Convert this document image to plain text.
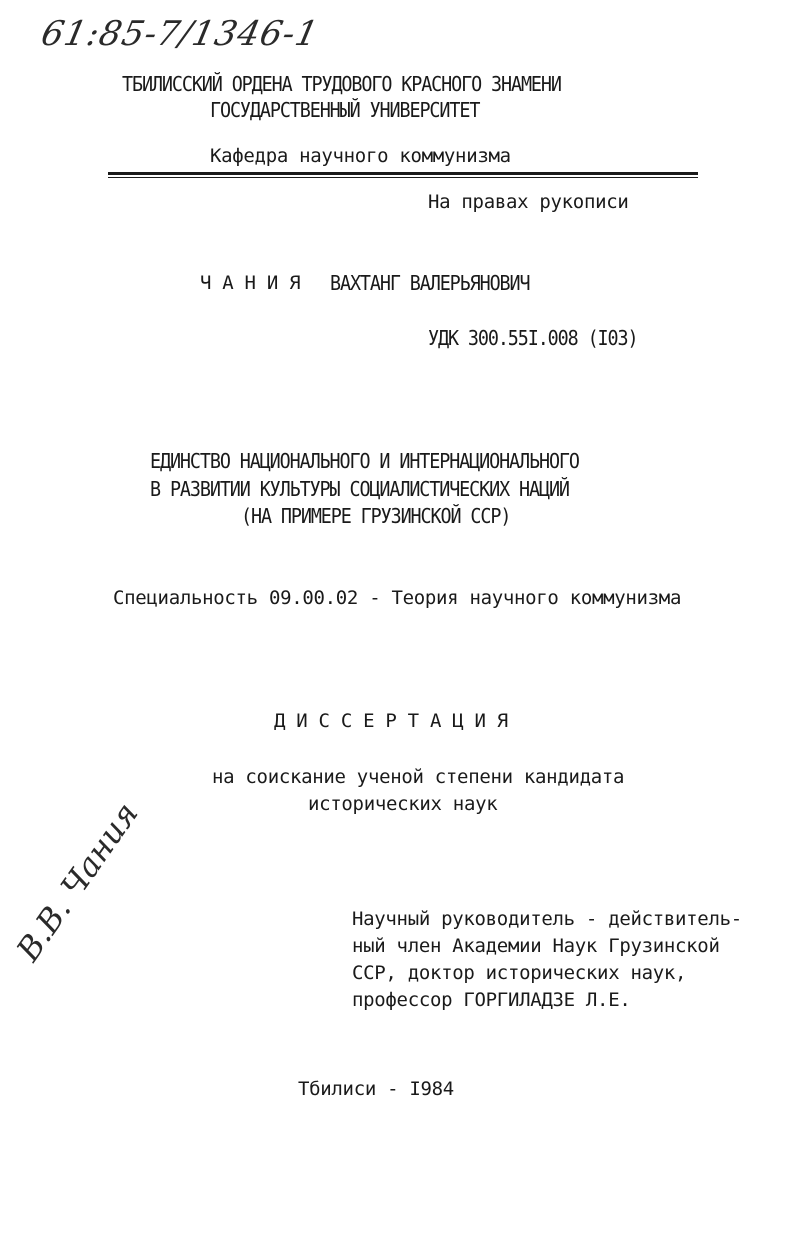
61:85-7/1346-1
ТБИЛИССКИЙ ОРДЕНА ТРУДОВОГО КРАСНОГО ЗНАМЕНИ
ГОСУДАРСТВЕННЫЙ УНИВЕРСИТЕТ
Кафедра научного коммунизма
На правах рукописи
Ч А Н И Я ВАХТАНГ ВАЛЕРЬЯНОВИЧ
УДК 300.55I.008 (I03)
ЕДИНСТВО НАЦИОНАЛЬНОГО И ИНТЕРНАЦИОНАЛЬНОГО
В РАЗВИТИИ КУЛЬТУРЫ СОЦИАЛИСТИЧЕСКИХ НАЦИЙ
(НА ПРИМЕРЕ ГРУЗИНСКОЙ ССР)
Специальность 09.00.02 - Теория научного коммунизма
Д И С С Е Р Т А Ц И Я
на соискание ученой степени кандидата
исторических наук
Научный руководитель - действитель-
ный член Академии Наук Грузинской
ССР, доктор исторических наук,
профессор ГОРГИЛАДЗЕ Л.Е.
В.В. Чания
Тбилиси - I984
